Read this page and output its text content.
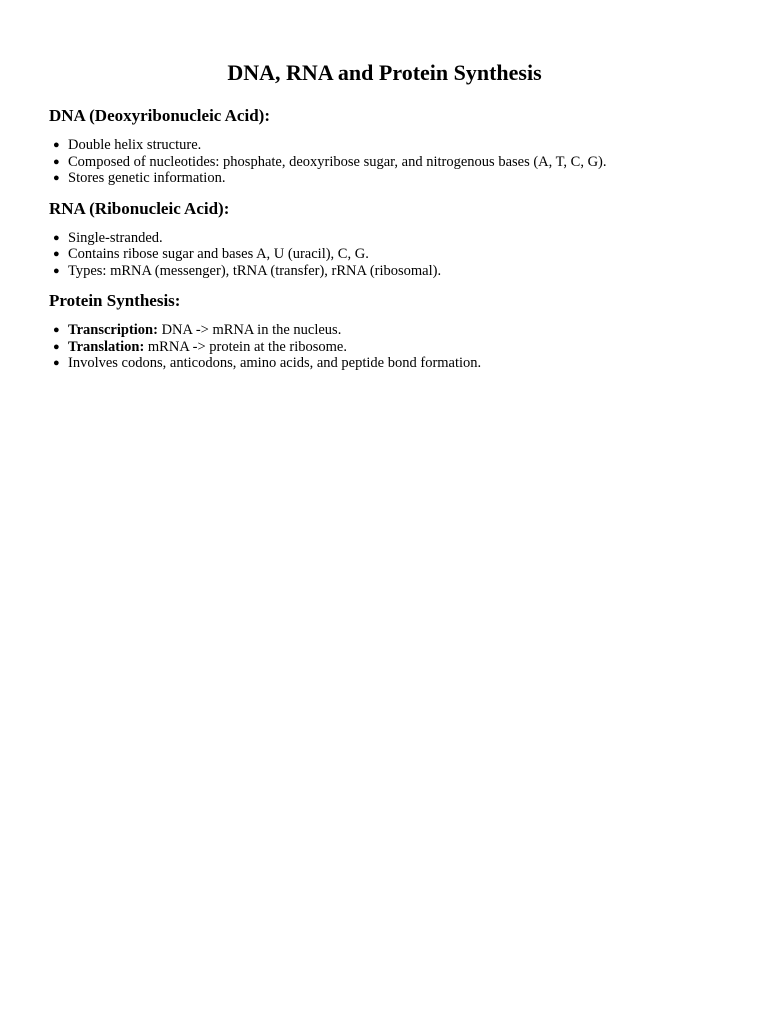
DNA, RNA and Protein Synthesis
DNA (Deoxyribonucleic Acid):
● Double helix structure.
● Composed of nucleotides: phosphate, deoxyribose sugar, and nitrogenous bases (A, T, C, G).
● Stores genetic information.
RNA (Ribonucleic Acid):
● Single-stranded.
● Contains ribose sugar and bases A, U (uracil), C, G.
● Types: mRNA (messenger), tRNA (transfer), rRNA (ribosomal).
Protein Synthesis:
● Transcription: DNA -> mRNA in the nucleus.
● Translation: mRNA -> protein at the ribosome.
● Involves codons, anticodons, amino acids, and peptide bond formation.
